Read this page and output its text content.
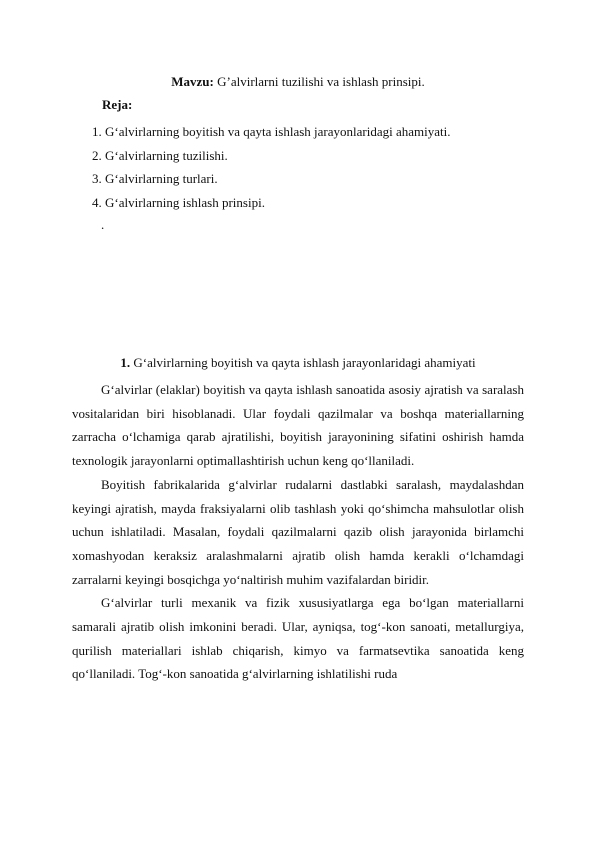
Mavzu: G’alvirlarni tuzilishi va ishlash prinsipi.
Reja:
1. G‘alvirlarning boyitish va qayta ishlash jarayonlaridagi ahamiyati.
2. G‘alvirlarning tuzilishi.
3. G‘alvirlarning turlari.
4. G‘alvirlarning ishlash prinsipi.
.
1. G‘alvirlarning boyitish va qayta ishlash jarayonlaridagi ahamiyati

G‘alvirlar (elaklar) boyitish va qayta ishlash sanoatida asosiy ajratish va saralash vositalaridan biri hisoblanadi. Ular foydali qazilmalar va boshqa materiallarning zarracha o‘lchamiga qarab ajratilishi, boyitish jarayonining sifatini oshirish hamda texnologik jarayonlarni optimallashtirish uchun keng qo‘llaniladi.

Boyitish fabrikalarida g‘alvirlar rudalarni dastlabki saralash, maydalashdan keyingi ajratish, mayda fraksiyalarni olib tashlash yoki qo‘shimcha mahsulotlar olish uchun ishlatiladi. Masalan, foydali qazilmalarni qazib olish jarayonida birlamchi xomashyodan keraksiz aralashmalarni ajratib olish hamda kerakli o‘lchamdagi zarralarni keyingi bosqichga yo‘naltirish muhim vazifalardan biridir.

G‘alvirlar turli mexanik va fizik xususiyatlarga ega bo‘lgan materiallarni samarali ajratib olish imkonini beradi. Ular, ayniqsa, tog‘-kon sanoati, metallurgiya, qurilish materiallari ishlab chiqarish, kimyo va farmatsevtika sanoatida keng qo‘llaniladi. Tog‘-kon sanoatida g‘alvirlarning ishlatilishi ruda
